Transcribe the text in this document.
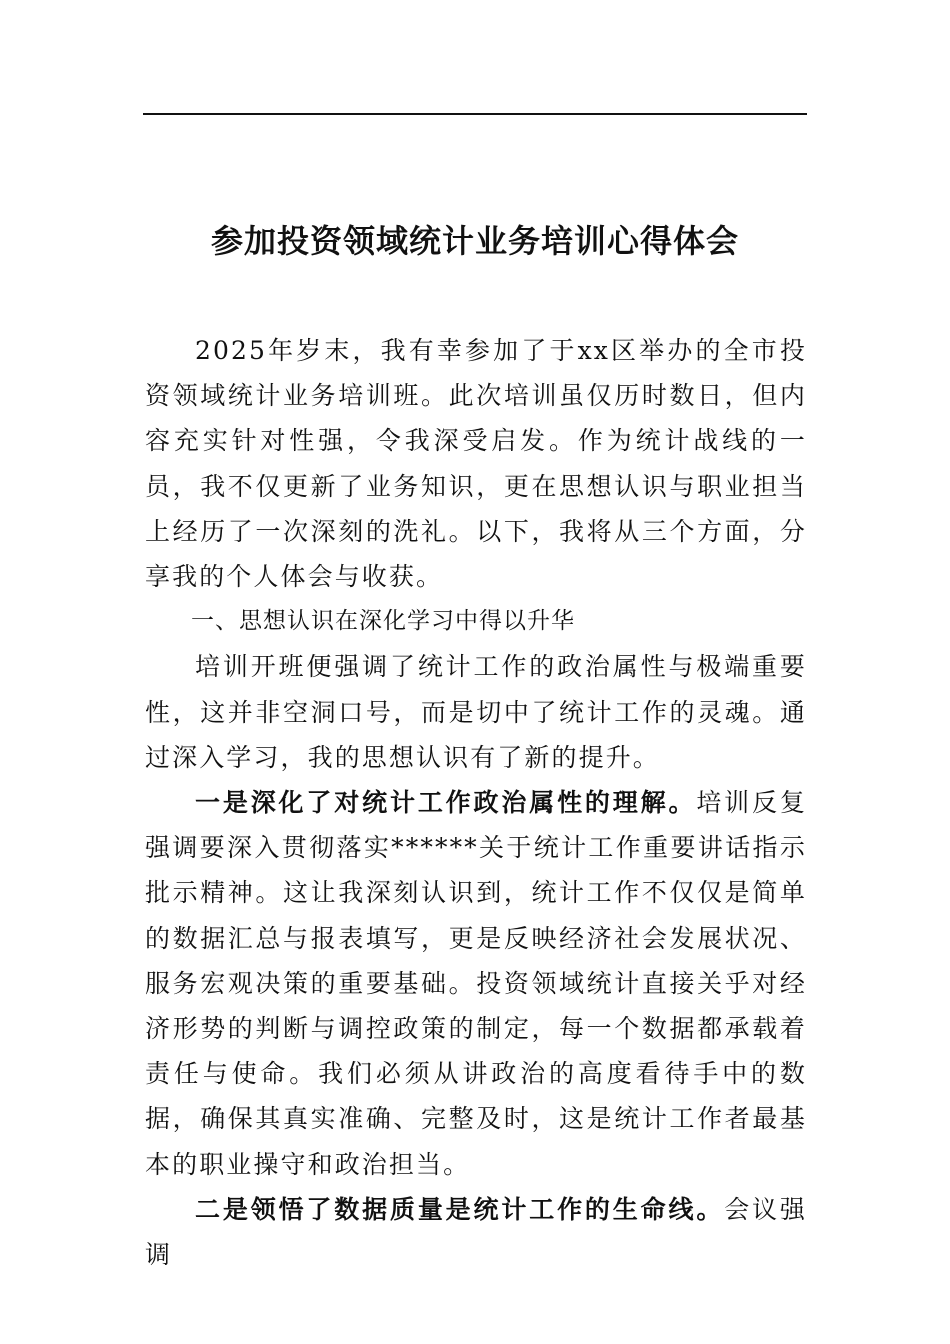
参加投资领域统计业务培训心得体会

2025年岁末，我有幸参加了于xx区举办的全市投资领域统计业务培训班。此次培训虽仅历时数日，但内容充实针对性强，令我深受启发。作为统计战线的一员，我不仅更新了业务知识，更在思想认识与职业担当上经历了一次深刻的洗礼。以下，我将从三个方面，分享我的个人体会与收获。

一、思想认识在深化学习中得以升华

培训开班便强调了统计工作的政治属性与极端重要性，这并非空洞口号，而是切中了统计工作的灵魂。通过深入学习，我的思想认识有了新的提升。

一是深化了对统计工作政治属性的理解。培训反复强调要深入贯彻落实******关于统计工作重要讲话指示批示精神。这让我深刻认识到，统计工作不仅仅是简单的数据汇总与报表填写，更是反映经济社会发展状况、服务宏观决策的重要基础。投资领域统计直接关乎对经济形势的判断与调控政策的制定，每一个数据都承载着责任与使命。我们必须从讲政治的高度看待手中的数据，确保其真实准确、完整及时，这是统计工作者最基本的职业操守和政治担当。

二是领悟了数据质量是统计工作的生命线。会议强调
